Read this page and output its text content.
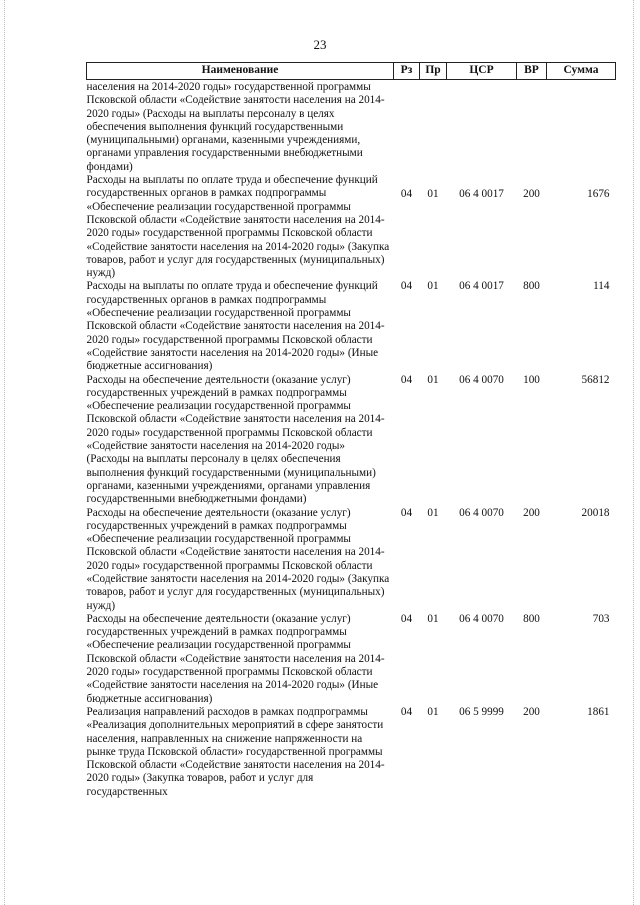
23
Наименование	Рз	Пр	ЦСР	ВР	Сумма
населения на 2014-2020 годы» государственной программы Псковской области «Содействие занятости населения на 2014-2020 годы» (Расходы на выплаты персоналу в целях обеспечения выполнения функций государственными (муниципальными) органами, казенными учреждениями, органами управления государственными внебюджетными фондами)					
Расходы на выплаты по оплате труда и обеспечение функций государственных органов в рамках подпрограммы «Обеспечение реализации государственной программы Псковской области «Содействие занятости населения на 2014-2020 годы» государственной программы Псковской области «Содействие занятости населения на 2014-2020 годы» (Закупка товаров, работ и услуг для государственных (муниципальных) нужд)	04	01	06 4 0017	200	1676
Расходы на выплаты по оплате труда и обеспечение функций государственных органов в рамках подпрограммы «Обеспечение реализации государственной программы Псковской области «Содействие занятости населения на 2014-2020 годы» государственной программы Псковской области «Содействие занятости населения на 2014-2020 годы» (Иные бюджетные ассигнования)	04	01	06 4 0017	800	114
Расходы на обеспечение деятельности (оказание услуг) государственных учреждений в рамках подпрограммы «Обеспечение реализации государственной программы Псковской области «Содействие занятости населения на 2014-2020 годы» государственной программы Псковской области «Содействие занятости населения на 2014-2020 годы» (Расходы на выплаты персоналу в целях обеспечения выполнения функций государственными (муниципальными) органами, казенными учреждениями, органами управления государственными внебюджетными фондами)	04	01	06 4 0070	100	56812
Расходы на обеспечение деятельности (оказание услуг) государственных учреждений в рамках подпрограммы «Обеспечение реализации государственной программы Псковской области «Содействие занятости населения на 2014-2020 годы» государственной программы Псковской области «Содействие занятости населения на 2014-2020 годы» (Закупка товаров, работ и услуг для государственных (муниципальных) нужд)	04	01	06 4 0070	200	20018
Расходы на обеспечение деятельности (оказание услуг) государственных учреждений в рамках подпрограммы «Обеспечение реализации государственной программы Псковской области «Содействие занятости населения на 2014-2020 годы» государственной программы Псковской области «Содействие занятости населения на 2014-2020 годы» (Иные бюджетные ассигнования)	04	01	06 4 0070	800	703
Реализация направлений расходов в рамках подпрограммы «Реализация дополнительных мероприятий в сфере занятости населения, направленных на снижение напряженности на рынке труда Псковской области» государственной программы Псковской области «Содействие занятости населения на 2014-2020 годы» (Закупка товаров, работ и услуг для государственных	04	01	06 5 9999	200	1861
